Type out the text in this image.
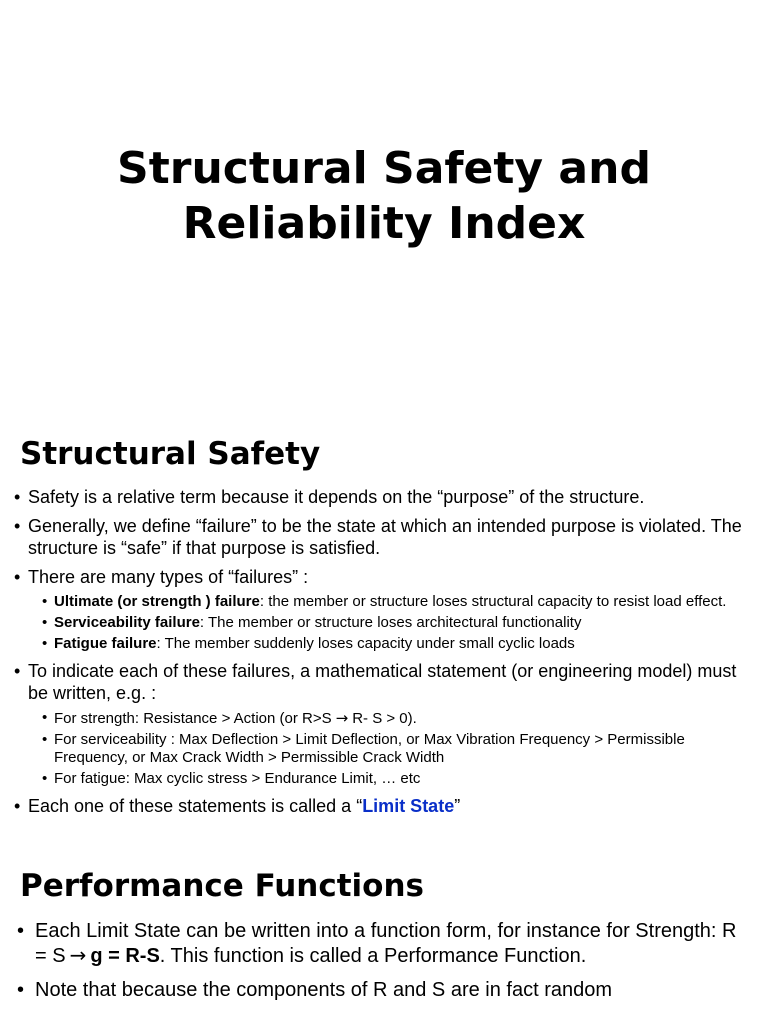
Structural Safety and
Reliability Index
Structural Safety
• Safety is a relative term because it depends on the “purpose” of the structure.
• Generally, we define “failure” to be the state at which an intended purpose is violated. The structure is “safe” if that purpose is satisfied.
• There are many types of “failures” :
• Ultimate (or strength ) failure: the member or structure loses structural capacity to resist load effect.
• Serviceability failure: The member or structure loses architectural functionality
• Fatigue failure: The member suddenly loses capacity under small cyclic loads
• To indicate each of these failures, a mathematical statement (or engineering model) must be written, e.g. :
• For strength: Resistance > Action (or R>S → R- S > 0).
• For serviceability : Max Deflection > Limit Deflection, or Max Vibration Frequency > Permissible Frequency, or Max Crack Width > Permissible Crack Width
• For fatigue: Max cyclic stress > Endurance Limit, … etc
• Each one of these statements is called a “Limit State”
Performance Functions
• Each Limit State can be written into a function form, for instance for Strength: R = S → g = R-S. This function is called a Performance Function.
• Note that because the components of R and S are in fact random
